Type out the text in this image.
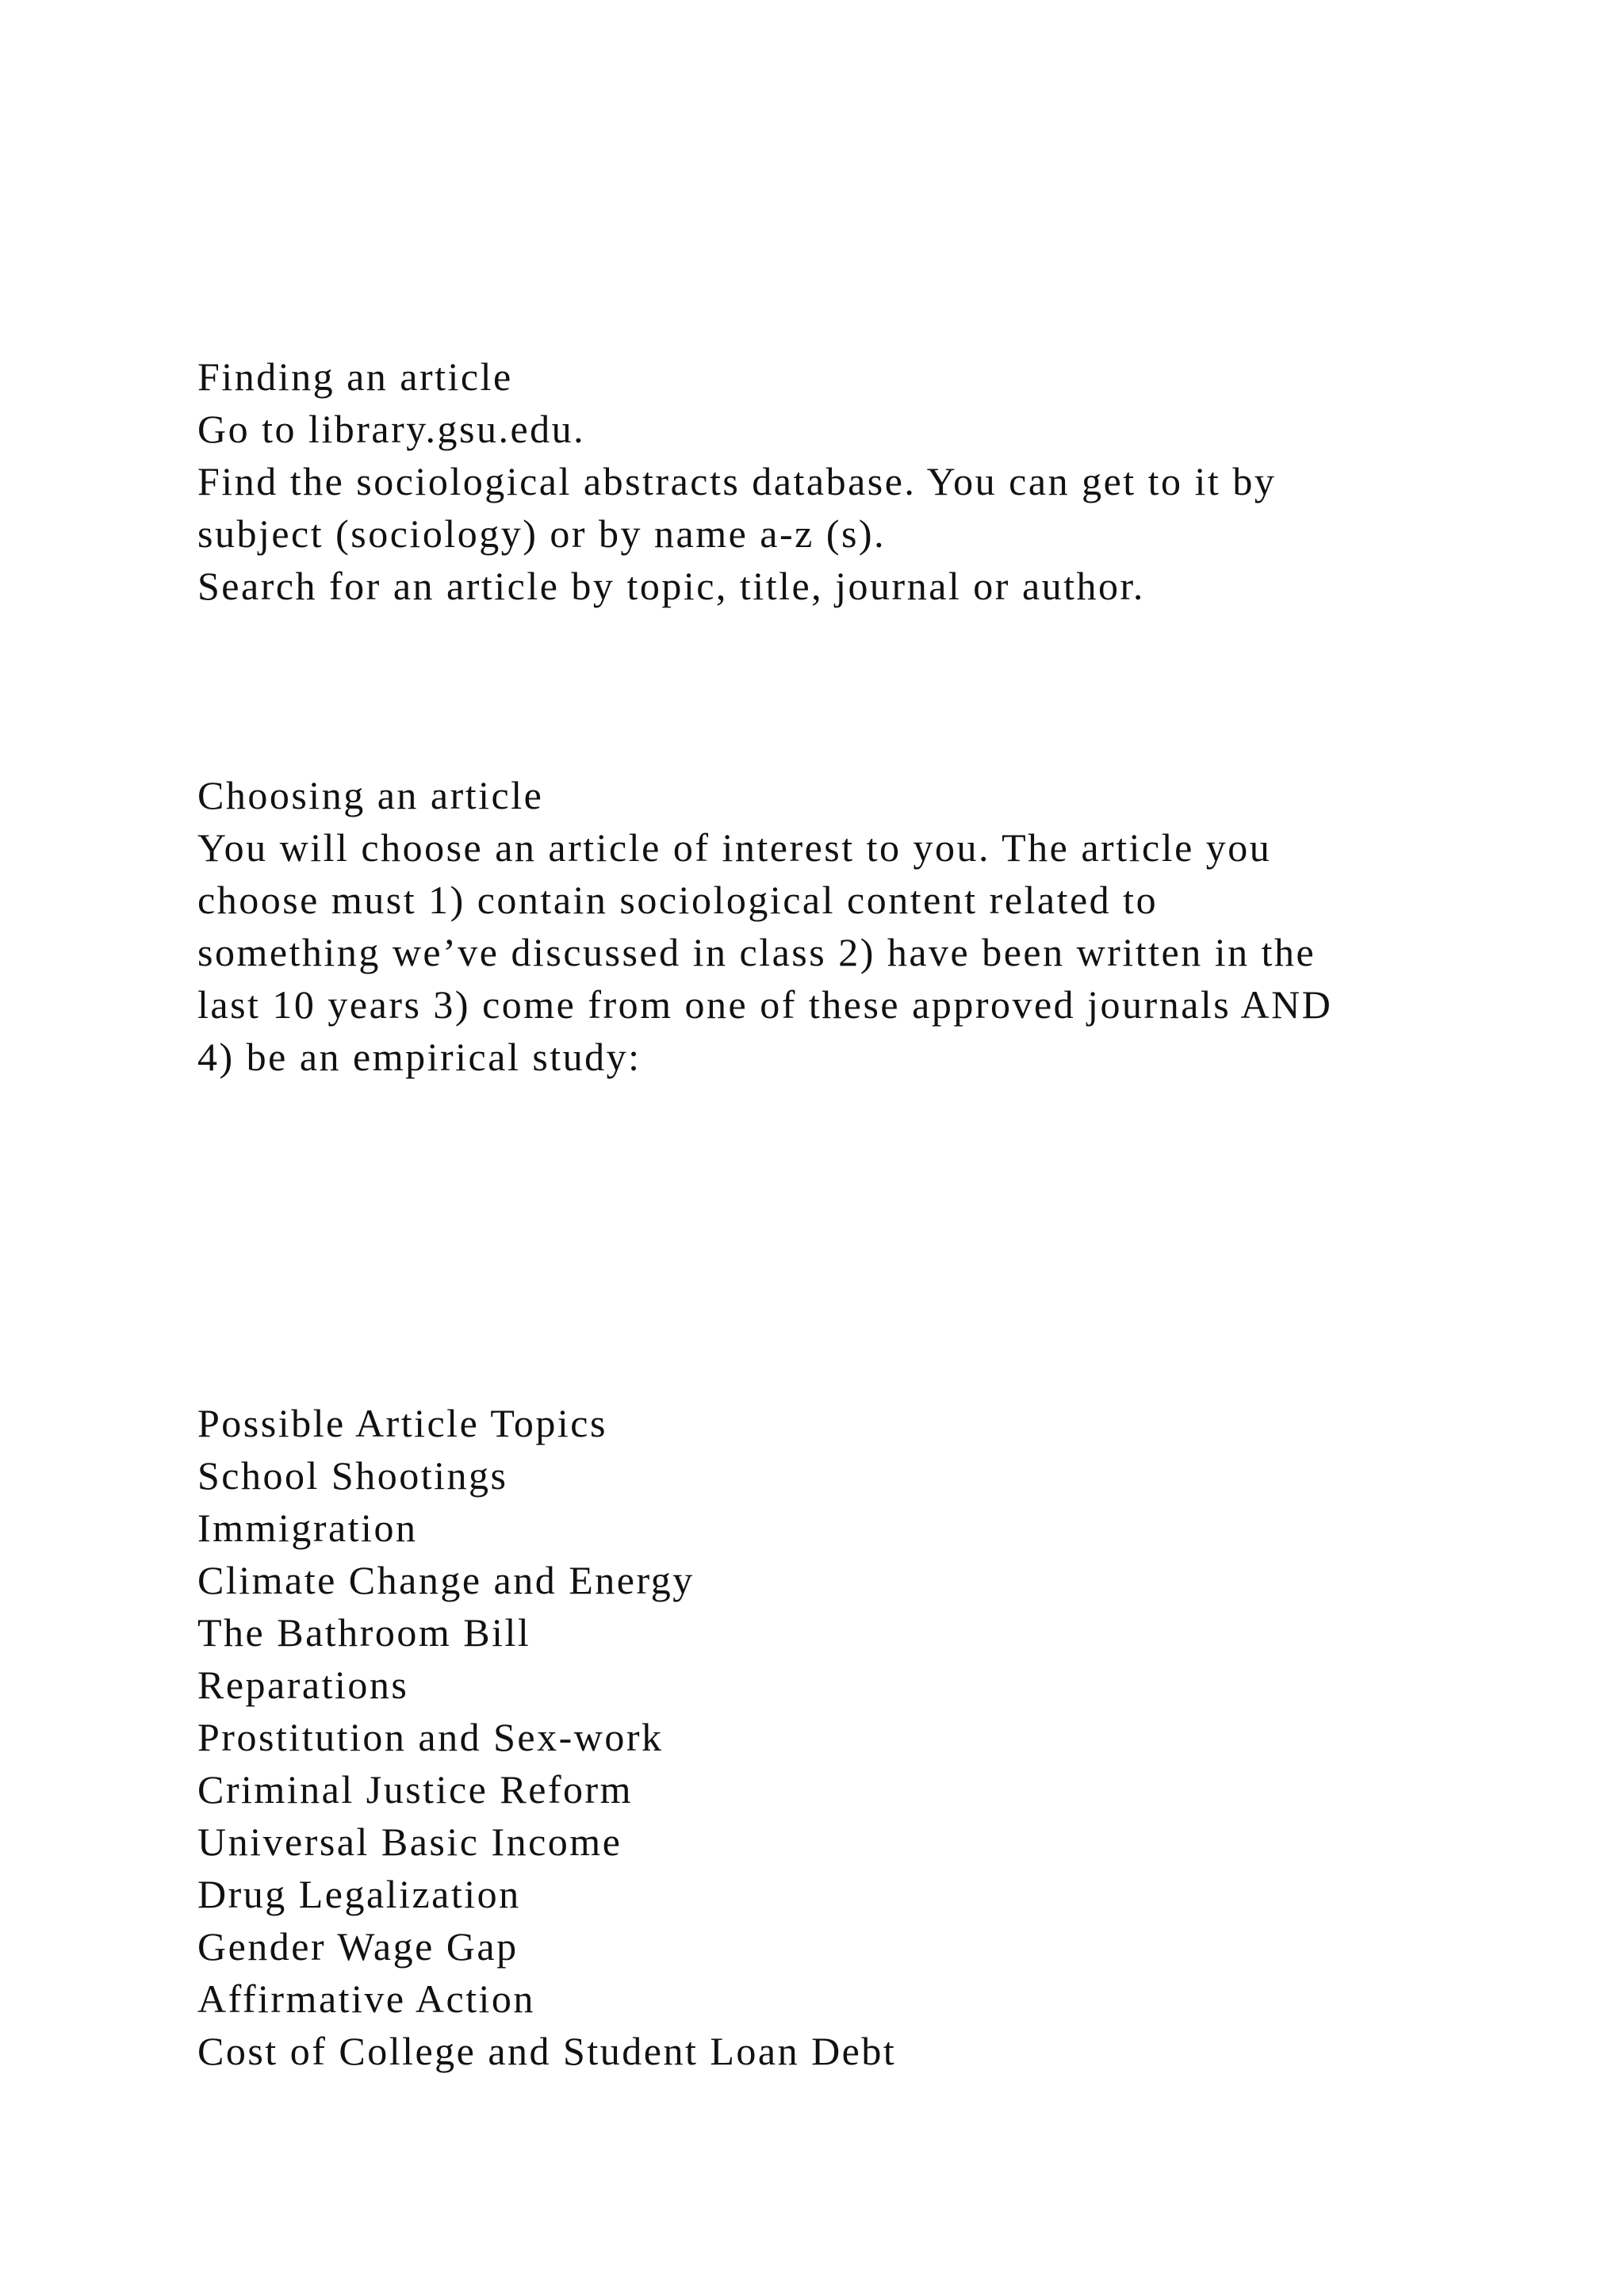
Finding an article

Go to library.gsu.edu.

Find the sociological abstracts database. You can get to it by

subject (sociology) or by name a-z (s).

Search for an article by topic, title, journal or author.

Choosing an article

You will choose an article of interest to you. The article you

choose must 1) contain sociological content related to

something we’ve discussed in class 2) have been written in the

last 10 years 3) come from one of these approved journals AND

4) be an empirical study:

Possible Article Topics

School Shootings

Immigration

Climate Change and Energy

The Bathroom Bill

Reparations

Prostitution and Sex-work

Criminal Justice Reform

Universal Basic Income

Drug Legalization

Gender Wage Gap

Affirmative Action

Cost of College and Student Loan Debt
